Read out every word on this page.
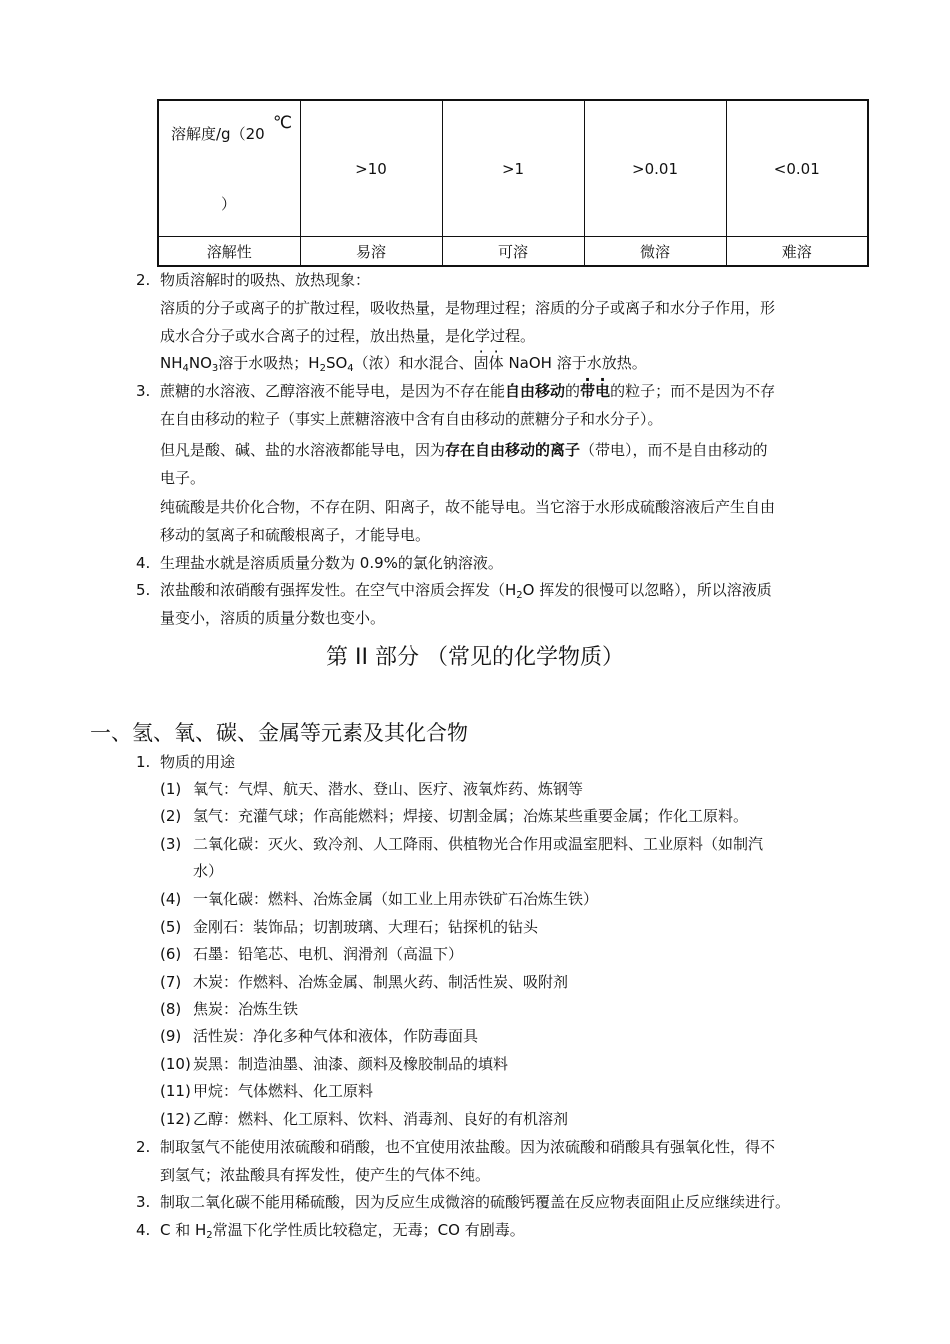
溶解度/g（20
℃
）	>10	>1	>0.01	<0.01
溶解性	易溶	可溶	微溶	难溶
2. 物质溶解时的吸热、放热现象：
溶质的分子或离子的扩散过程，吸收热量，是物理过程；溶质的分子或离子和水分子作用，形
成水合分子或水合离子的过程，放出热量，是化学过程。
$NH_4NO_3$溶于水吸热；$H_2SO_4$（浓）和水混合、固体 NaOH 溶于水放热。
3. 蔗糖的水溶液、乙醇溶液不能导电，是因为不存在能自由移动的带电的粒子；而不是因为不存
在自由移动的粒子（事实上蔗糖溶液中含有自由移动的蔗糖分子和水分子）。
但凡是酸、碱、盐的水溶液都能导电，因为存在自由移动的离子（带电），而不是自由移动的
电子。
纯硫酸是共价化合物，不存在阴、阳离子，故不能导电。当它溶于水形成硫酸溶液后产生自由
移动的氢离子和硫酸根离子，才能导电。
4. 生理盐水就是溶质质量分数为 0.9%的氯化钠溶液。
5. 浓盐酸和浓硝酸有强挥发性。在空气中溶质会挥发（$H_2O$ 挥发的很慢可以忽略），所以溶液质
量变小，溶质的质量分数也变小。
第 II 部分 （常见的化学物质）
一、氢、氧、碳、金属等元素及其化合物
1. 物质的用途
(1) 氧气：气焊、航天、潜水、登山、医疗、液氧炸药、炼钢等
(2) 氢气：充灌气球；作高能燃料；焊接、切割金属；冶炼某些重要金属；作化工原料。
(3) 二氧化碳：灭火、致冷剂、人工降雨、供植物光合作用或温室肥料、工业原料（如制汽
水）
(4) 一氧化碳：燃料、冶炼金属（如工业上用赤铁矿石冶炼生铁）
(5) 金刚石：装饰品；切割玻璃、大理石；钻探机的钻头
(6) 石墨：铅笔芯、电机、润滑剂（高温下）
(7) 木炭：作燃料、冶炼金属、制黑火药、制活性炭、吸附剂
(8) 焦炭：冶炼生铁
(9) 活性炭：净化多种气体和液体，作防毒面具
(10) 炭黑：制造油墨、油漆、颜料及橡胶制品的填料
(11) 甲烷：气体燃料、化工原料
(12) 乙醇：燃料、化工原料、饮料、消毒剂、良好的有机溶剂
2. 制取氢气不能使用浓硫酸和硝酸，也不宜使用浓盐酸。因为浓硫酸和硝酸具有强氧化性，得不
到氢气；浓盐酸具有挥发性，使产生的气体不纯。
3. 制取二氧化碳不能用稀硫酸，因为反应生成微溶的硫酸钙覆盖在反应物表面阻止反应继续进行。
4. C 和 $H_2$常温下化学性质比较稳定，无毒；CO 有剧毒。
